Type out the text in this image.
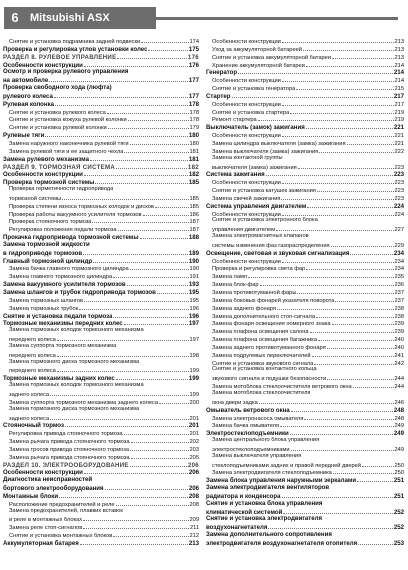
6	Mitsubishi ASX
Снятие и установка подрамника задней подвески	174
Проверка и регулировка углов установки колес	175
РАЗДЕЛ 8. РУЛЕВОЕ УПРАВЛЕНИЕ	176
Особенности конструкции	176
Осмотр и проверка рулевого управления
на автомобиле	177
Проверка свободного хода (люфта)
рулевого колеса	177
Рулевая колонка	178
Снятие и установка рулевого колеса	178
Снятие и установка кожуха рулевой колонки	178
Снятие и установка рулевой колонки	179
Рулевые тяги	180
Замена наружного наконечника рулевой тяги	180
Замена рулевой тяги и ее защитного чехла	181
Замена рулевого механизма	181
РАЗДЕЛ 9. ТОРМОЗНАЯ СИСТЕМА	182
Особенности конструкции	182
Проверка тормозной системы	185
Проверка герметичности гидропривода
тормозной системы	185
Проверка степени износа тормозных колодок и дисков	185
Проверка работы вакуумного усилителя тормозов	186
Проверка стояночного тормоза	187
Регулировка положения педали тормоза	187
Прокачка гидропривода тормозной системы	188
Замена тормозной жидкости
в гидроприводе тормозов	189
Главный тормозной цилиндр	190
Замена бачка главного тормозного цилиндра	190
Замена главного тормозного цилиндра	191
Замена вакуумного усилителя тормозов	193
Замена шлангов и трубок гидропривода тормозов	195
Замена тормозных шлангов	195
Замена тормозных трубок	196
Снятие и установка педали тормоза	196
Тормозные механизмы передних колес	197
Замена тормозных колодок тормозного механизма
переднего колеса	197
Замена суппорта тормозного механизма
переднего колеса	198
Замена тормозного диска тормозного механизма
переднего колеса	199
Тормозные механизмы задних колес	199
Замена тормозных колодок тормозного механизма
заднего колеса	199
Замена суппорта тормозного механизма заднего колеса	200
Замена тормозного диска тормозного механизма
заднего колеса	201
Стояночный тормоз	201
Регулировка привода стояночного тормоза	201
Замена рычага привода стояночного тормоза	202
Замена тросов привода стояночного тормоза	203
Замена рычага привода стояночного тормоза	205
РАЗДЕЛ 10. ЭЛЕКТРООБОРУДОВАНИЕ	206
Особенности конструкции	206
Диагностика неисправностей
бортового электрооборудования	206
Монтажные блоки	208
Расположение предохранителей и реле	208
Замена предохранителей, плавких вставок
и реле в монтажных блоках	209
Замена реле стоп-сигналов	211
Снятие и установка монтажных блоков	212
Аккумуляторная батарея	213
Особенности конструкции	213
Уход за аккумуляторной батареей	213
Снятие и установка аккумуляторной батареи	213
Хранение аккумуляторной батареи	214
Генератор	214
Особенности конструкции	214
Снятие и установка генератора	215
Стартер	217
Особенности конструкции	217
Снятие и установка стартера	219
Ремонт стартера	219
Выключатель (замок) зажигания	221
Особенности конструкции	221
Замена цилиндра выключателя (замка) зажигания	221
Замена выключателя (замка) зажигания	222
Замена контактной группы
выключателя (замка) зажигания	223
Система зажигания	223
Особенности конструкции	223
Снятие и установка катушек зажигания	223
Замена свечей зажигания	223
Система управления двигателем	224
Особенности конструкции	224
Снятие и установка электронного блока
управления двигателем	227
Замена электромагнитных клапанов
системы изменения фаз газораспределения	229
Освещение, световая и звуковая сигнализация	234
Особенности конструкции	234
Проверка и регулировка света фар	234
Замена ламп	235
Замена блок-фар	236
Замена противотуманной фары	237
Замена боковых фонарей указателя поворота	237
Замена заднего фонаря	238
Замена дополнительного стоп-сигнала	238
Замена фонаря освещения номерного знака	239
Замена плафона освещения салона	239
Замена плафона освещения багажника	240
Замена заднего противотуманного фонаря	240
Замена подрулевых переключателей	241
Снятие и установка звукового сигнала	242
Снятие и установка контактного кольца
звукового сигнала и подушки безопасности	244
Замена мотоблока стеклоочистителя ветрового окна	244
Замена мотоблока стеклоочистителя
окна двери задка	246
Омыватель ветрового окна	248
Замена электронасоса омывателя	248
Замена бачка омывателя	249
Электростеклоподъемники	249
Замена центрального блока управления
электростеклоподъемниками	249
Замена выключателя управления
стеклоподъемниками задних и правой передней дверей	250
Замена электродвигателя стеклоподъемника	250
Замена блока управления наружными зеркалами	251
Замена электродвигателя вентиляторов
радиатора и конденсора	251
Снятие и установка блока управления
климатической системой	252
Снятие и установка электродвигателя
воздухонагнетателя	252
Замена дополнительного сопротивления
электродвигателя воздухонагнетателя отопителя	253
